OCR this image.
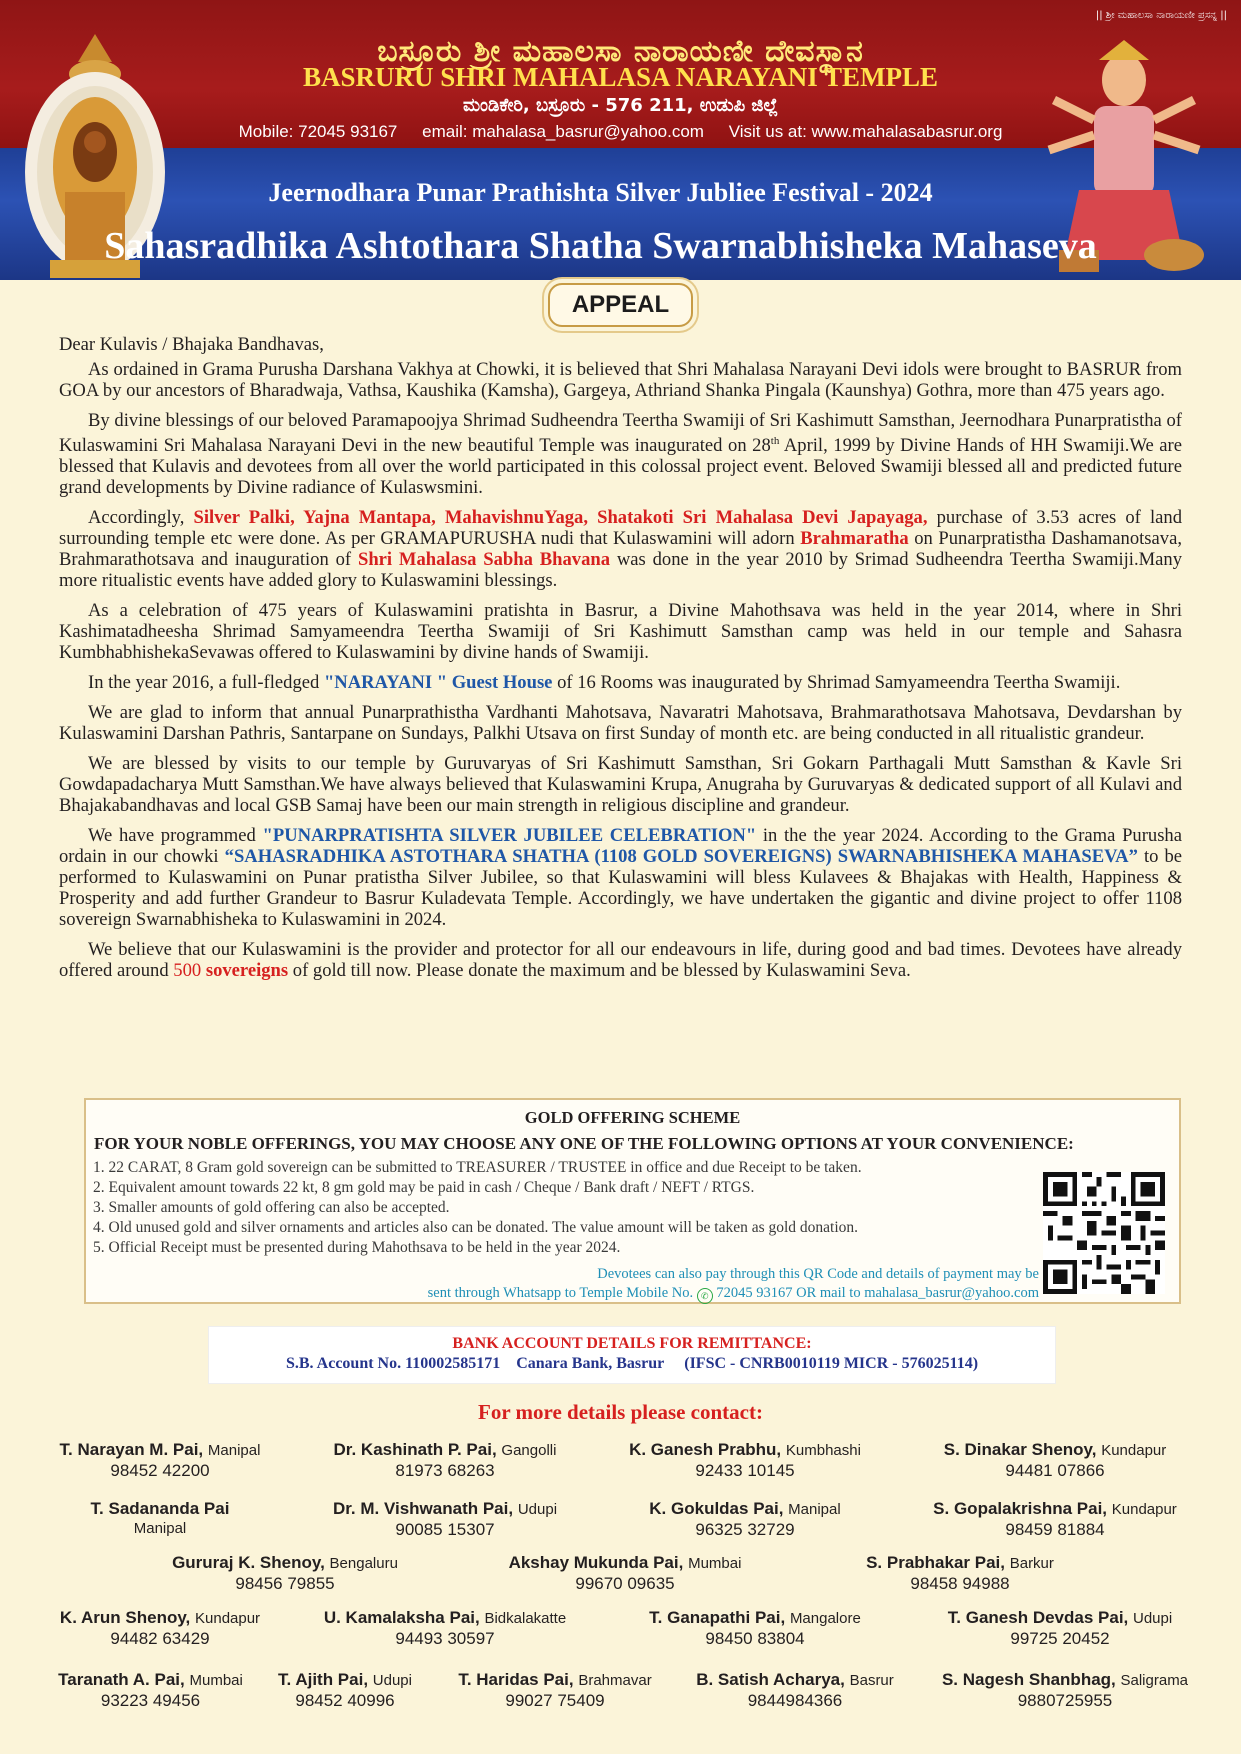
|| ಶ್ರೀ ಮಹಾಲಸಾ ನಾರಾಯಣೀ ಪ್ರಸನ್ನ ||
ಬಸ್ರೂರು ಶ್ರೀ ಮಹಾಲಸಾ ನಾರಾಯಣೀ ದೇವಸ್ಥಾನ
BASRURU SHRI MAHALASA NARAYANI TEMPLE
ಮಂಡಿಕೇರಿ, ಬಸ್ರೂರು - 576 211, ಉಡುಪಿ ಜಿಲ್ಲೆ
Mobile: 72045 93167 email: mahalasa_basrur@yahoo.com Visit us at: www.mahalasabasrur.org
Jeernodhara Punar Prathishta Silver Jubliee Festival - 2024
Sahasradhika Ashtothara Shatha Swarnabhisheka Mahaseva
APPEAL

Dear Kulavis / Bhajaka Bandhavas,

As ordained in Grama Purusha Darshana Vakhya at Chowki, it is believed that Shri Mahalasa Narayani Devi idols were brought to BASRUR from GOA by our ancestors of Bharadwaja, Vathsa, Kaushika (Kamsha), Gargeya, Athriand Shanka Pingala (Kaunshya) Gothra, more than 475 years ago.

By divine blessings of our beloved Paramapoojya Shrimad Sudheendra Teertha Swamiji of Sri Kashimutt Samsthan, Jeernodhara Punarpratistha of Kulaswamini Sri Mahalasa Narayani Devi in the new beautiful Temple was inaugurated on 28th April, 1999 by Divine Hands of HH Swamiji.We are blessed that Kulavis and devotees from all over the world participated in this colossal project event. Beloved Swamiji blessed all and predicted future grand developments by Divine radiance of Kulaswsmini.

Accordingly, Silver Palki, Yajna Mantapa, MahavishnuYaga, Shatakoti Sri Mahalasa Devi Japayaga, purchase of 3.53 acres of land surrounding temple etc were done. As per GRAMAPURUSHA nudi that Kulaswamini will adorn Brahmaratha on Punarpratistha Dashamanotsava, Brahmarathotsava and inauguration of Shri Mahalasa Sabha Bhavana was done in the year 2010 by Srimad Sudheendra Teertha Swamiji.Many more ritualistic events have added glory to Kulaswamini blessings.

As a celebration of 475 years of Kulaswamini pratishta in Basrur, a Divine Mahothsava was held in the year 2014, where in Shri Kashimatadheesha Shrimad Samyameendra Teertha Swamiji of Sri Kashimutt Samsthan camp was held in our temple and Sahasra KumbhabhishekaSevawas offered to Kulaswamini by divine hands of Swamiji.

In the year 2016, a full-fledged "NARAYANI " Guest House of 16 Rooms was inaugurated by Shrimad Samyameendra Teertha Swamiji.

We are glad to inform that annual Punarprathistha Vardhanti Mahotsava, Navaratri Mahotsava, Brahmarathotsava Mahotsava, Devdarshan by Kulaswamini Darshan Pathris, Santarpane on Sundays, Palkhi Utsava on first Sunday of month etc. are being conducted in all ritualistic grandeur.

We are blessed by visits to our temple by Guruvaryas of Sri Kashimutt Samsthan, Sri Gokarn Parthagali Mutt Samsthan & Kavle Sri Gowdapadacharya Mutt Samsthan.We have always believed that Kulaswamini Krupa, Anugraha by Guruvaryas & dedicated support of all Kulavi and Bhajakabandhavas and local GSB Samaj have been our main strength in religious discipline and grandeur.

We have programmed "PUNARPRATISHTA SILVER JUBILEE CELEBRATION" in the the year 2024. According to the Grama Purusha ordain in our chowki “SAHASRADHIKA ASTOTHARA SHATHA (1108 GOLD SOVEREIGNS) SWARNABHISHEKA MAHASEVA” to be performed to Kulaswamini on Punar pratistha Silver Jubilee, so that Kulaswamini will bless Kulavees & Bhajakas with Health, Happiness & Prosperity and add further Grandeur to Basrur Kuladevata Temple. Accordingly, we have undertaken the gigantic and divine project to offer 1108 sovereign Swarnabhisheka to Kulaswamini in 2024.

We believe that our Kulaswamini is the provider and protector for all our endeavours in life, during good and bad times. Devotees have already offered around 500 sovereigns of gold till now. Please donate the maximum and be blessed by Kulaswamini Seva.

GOLD OFFERING SCHEME
FOR YOUR NOBLE OFFERINGS, YOU MAY CHOOSE ANY ONE OF THE FOLLOWING OPTIONS AT YOUR CONVENIENCE:
1. 22 CARAT, 8 Gram gold sovereign can be submitted to TREASURER / TRUSTEE in office and due Receipt to be taken.
2. Equivalent amount towards 22 kt, 8 gm gold may be paid in cash / Cheque / Bank draft / NEFT / RTGS.
3. Smaller amounts of gold offering can also be accepted.
4. Old unused gold and silver ornaments and articles also can be donated. The value amount will be taken as gold donation.
5. Official Receipt must be presented during Mahothsava to be held in the year 2024.
Devotees can also pay through this QR Code and details of payment may be
sent through Whatsapp to Temple Mobile No. ✆ 72045 93167 OR mail to mahalasa_basrur@yahoo.com
BANK ACCOUNT DETAILS FOR REMITTANCE:
S.B. Account No. 110002585171 Canara Bank, Basrur (IFSC - CNRB0010119 MICR - 576025114)
For more details please contact:
T. Narayan M. Pai, Manipal
98452 42200
Dr. Kashinath P. Pai, Gangolli
81973 68263
K. Ganesh Prabhu, Kumbhashi
92433 10145
S. Dinakar Shenoy, Kundapur
94481 07866
T. Sadananda Pai
Manipal
Dr. M. Vishwanath Pai, Udupi
90085 15307
K. Gokuldas Pai, Manipal
96325 32729
S. Gopalakrishna Pai, Kundapur
98459 81884
Gururaj K. Shenoy, Bengaluru
98456 79855
Akshay Mukunda Pai, Mumbai
99670 09635
S. Prabhakar Pai, Barkur
98458 94988
K. Arun Shenoy, Kundapur
94482 63429
U. Kamalaksha Pai, Bidkalakatte
94493 30597
T. Ganapathi Pai, Mangalore
98450 83804
T. Ganesh Devdas Pai, Udupi
99725 20452
Taranath A. Pai, Mumbai
93223 49456
T. Ajith Pai, Udupi
98452 40996
T. Haridas Pai, Brahmavar
99027 75409
B. Satish Acharya, Basrur
9844984366
S. Nagesh Shanbhag, Saligrama
9880725955
